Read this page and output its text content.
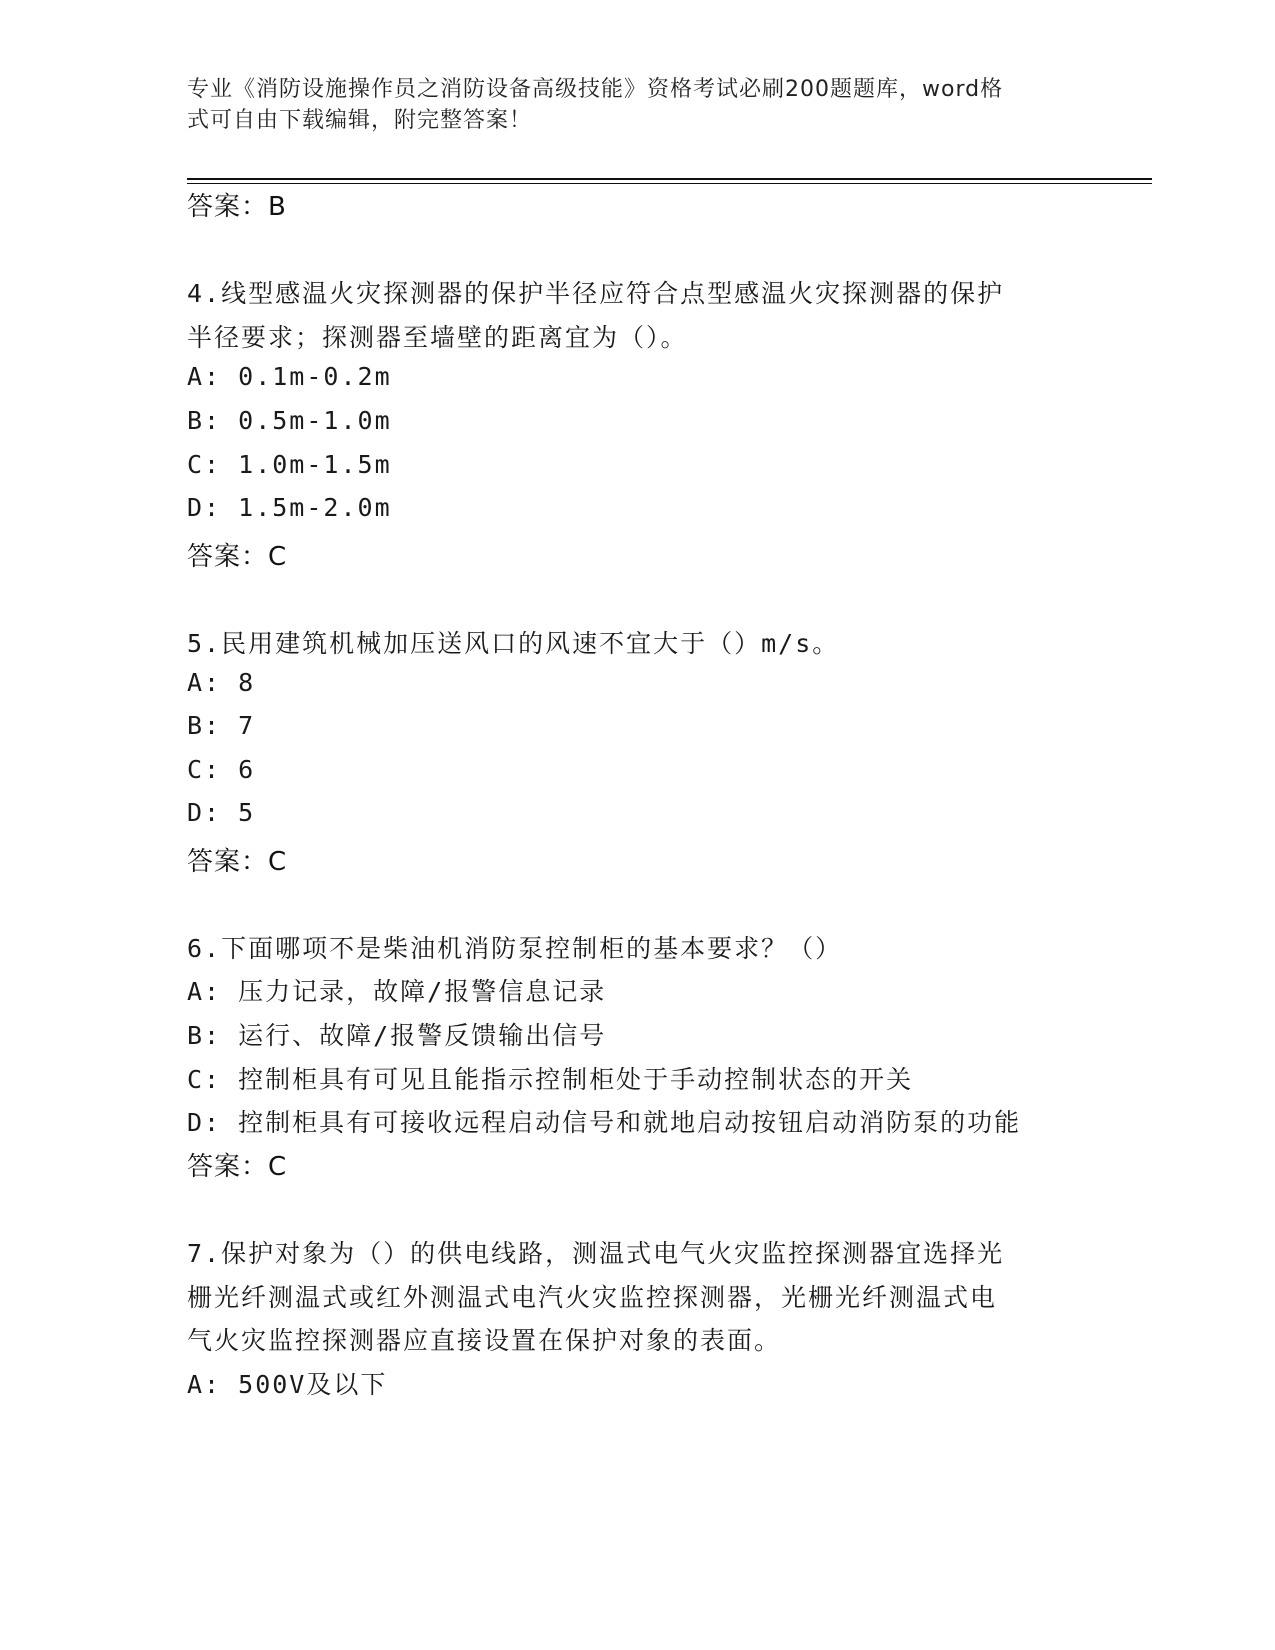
专业《消防设施操作员之消防设备高级技能》资格考试必刷200题题库，word格
式可自由下载编辑，附完整答案！
答案：B
4.线型感温火灾探测器的保护半径应符合点型感温火灾探测器的保护
半径要求；探测器至墙壁的距离宜为（）。
A: 0.1m-0.2m
B: 0.5m-1.0m
C: 1.0m-1.5m
D: 1.5m-2.0m
答案：C
5.民用建筑机械加压送风口的风速不宜大于（）m/s。
A: 8
B: 7
C: 6
D: 5
答案：C
6.下面哪项不是柴油机消防泵控制柜的基本要求？（）
A: 压力记录，故障/报警信息记录
B: 运行、故障/报警反馈输出信号
C: 控制柜具有可见且能指示控制柜处于手动控制状态的开关
D: 控制柜具有可接收远程启动信号和就地启动按钮启动消防泵的功能
答案：C
7.保护对象为（）的供电线路，测温式电气火灾监控探测器宜选择光
栅光纤测温式或红外测温式电汽火灾监控探测器，光栅光纤测温式电
气火灾监控探测器应直接设置在保护对象的表面。
A: 500V及以下
